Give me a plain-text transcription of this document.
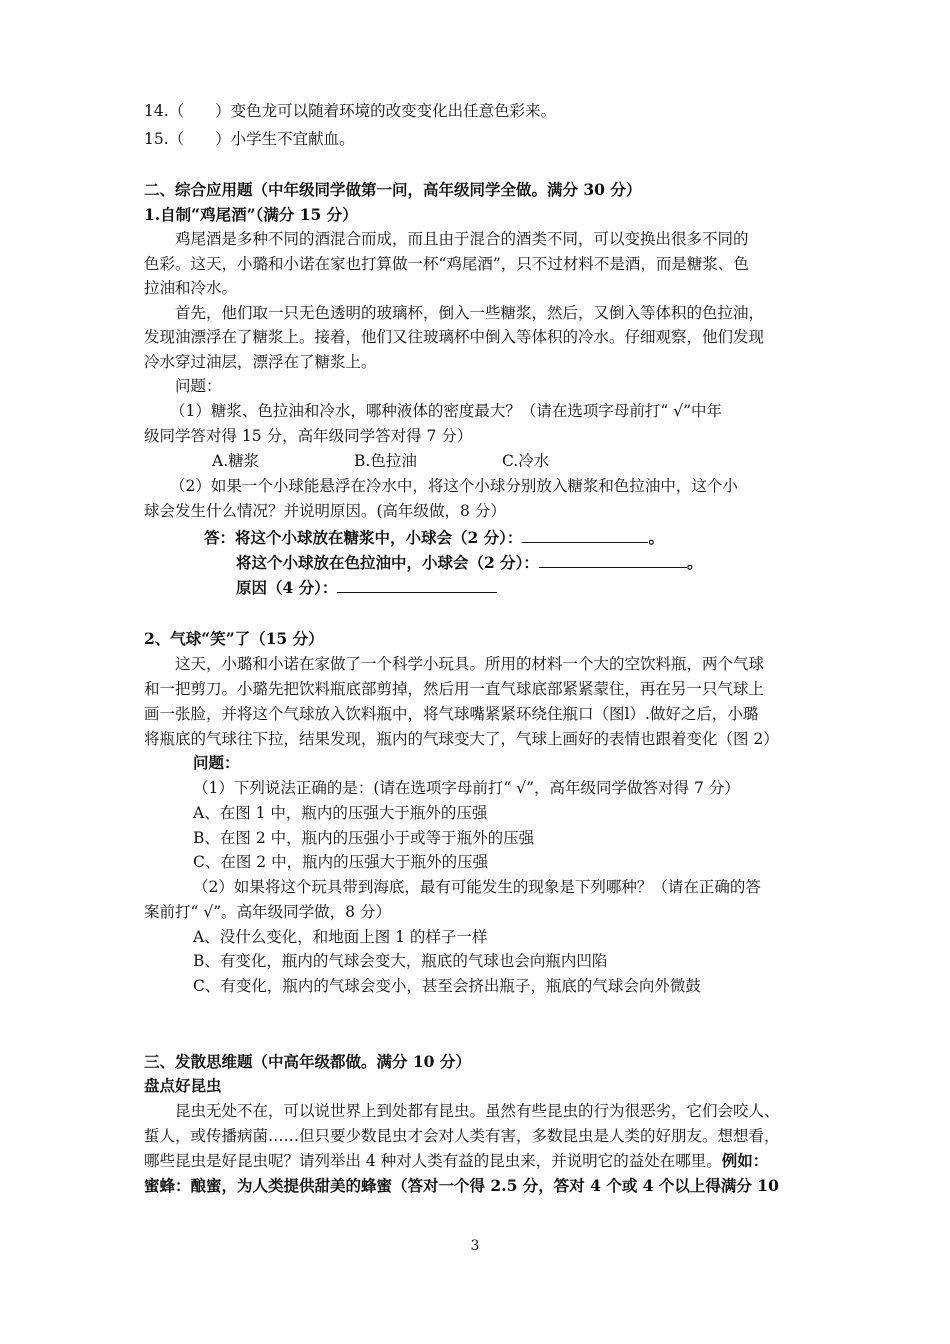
14.（　　）变色龙可以随着环境的改变变化出任意色彩来。
15.（　　）小学生不宜献血。
二、综合应用题（中年级同学做第一问，高年级同学全做。满分 30 分）
1.自制“鸡尾酒”（满分 15 分）
鸡尾酒是多种不同的酒混合而成，而且由于混合的酒类不同，可以变换出很多不同的
色彩。这天，小璐和小诺在家也打算做一杯“鸡尾酒”，只不过材料不是酒，而是糖浆、色
拉油和冷水。
首先，他们取一只无色透明的玻璃杯，倒入一些糖浆，然后，又倒入等体积的色拉油，
发现油漂浮在了糖浆上。接着，他们又往玻璃杯中倒入等体积的冷水。仔细观察，他们发现
冷水穿过油层，漂浮在了糖浆上。
问题：
（1）糖浆、色拉油和冷水，哪种液体的密度最大？（请在选项字母前打“ √”中年
级同学答对得 15 分，高年级同学答对得 7 分）
A.糖浆	B.色拉油	C.冷水
（2）如果一个小球能悬浮在冷水中，将这个小球分别放入糖浆和色拉油中，这个小
球会发生什么情况？并说明原因。(高年级做，8 分）
答：将这个小球放在糖浆中，小球会（2 分）：	。
将这个小球放在色拉油中，小球会（2 分）：	。
原因（4 分）：
2、气球“笑”了（15 分）
这天，小璐和小诺在家做了一个科学小玩具。所用的材料一个大的空饮料瓶，两个气球
和一把剪刀。小璐先把饮料瓶底部剪掉，然后用一直气球底部紧紧蒙住，再在另一只气球上
画一张脸，并将这个气球放入饮料瓶中，将气球嘴紧紧环绕住瓶口（图l）.做好之后，小璐
将瓶底的气球往下拉，结果发现，瓶内的气球变大了，气球上画好的表情也跟着变化（图 2）
问题：
（1）下列说法正确的是：(请在选项字母前打“ √”，高年级同学做答对得 7 分）
A、在图 1 中，瓶内的压强大于瓶外的压强
B、在图 2 中，瓶内的压强小于或等于瓶外的压强
C、在图 2 中，瓶内的压强大于瓶外的压强
（2）如果将这个玩具带到海底，最有可能发生的现象是下列哪种？（请在正确的答
案前打“ √”。高年级同学做，8 分）
A、没什么变化，和地面上图 1 的样子一样
B、有变化，瓶内的气球会变大，瓶底的气球也会向瓶内凹陷
C、有变化，瓶内的气球会变小，甚至会挤出瓶子，瓶底的气球会向外微鼓
三、发散思维题（中高年级都做。满分 10 分）
盘点好昆虫
昆虫无处不在，可以说世界上到处都有昆虫。虽然有些昆虫的行为很恶劣，它们会咬人、
蜇人，或传播病菌……但只要少数昆虫才会对人类有害，多数昆虫是人类的好朋友。想想看，
哪些昆虫是好昆虫呢？请列举出 4 种对人类有益的昆虫来，并说明它的益处在哪里。例如：
蜜蜂：酿蜜，为人类提供甜美的蜂蜜（答对一个得 2.5 分，答对 4 个或 4 个以上得满分 10
3
